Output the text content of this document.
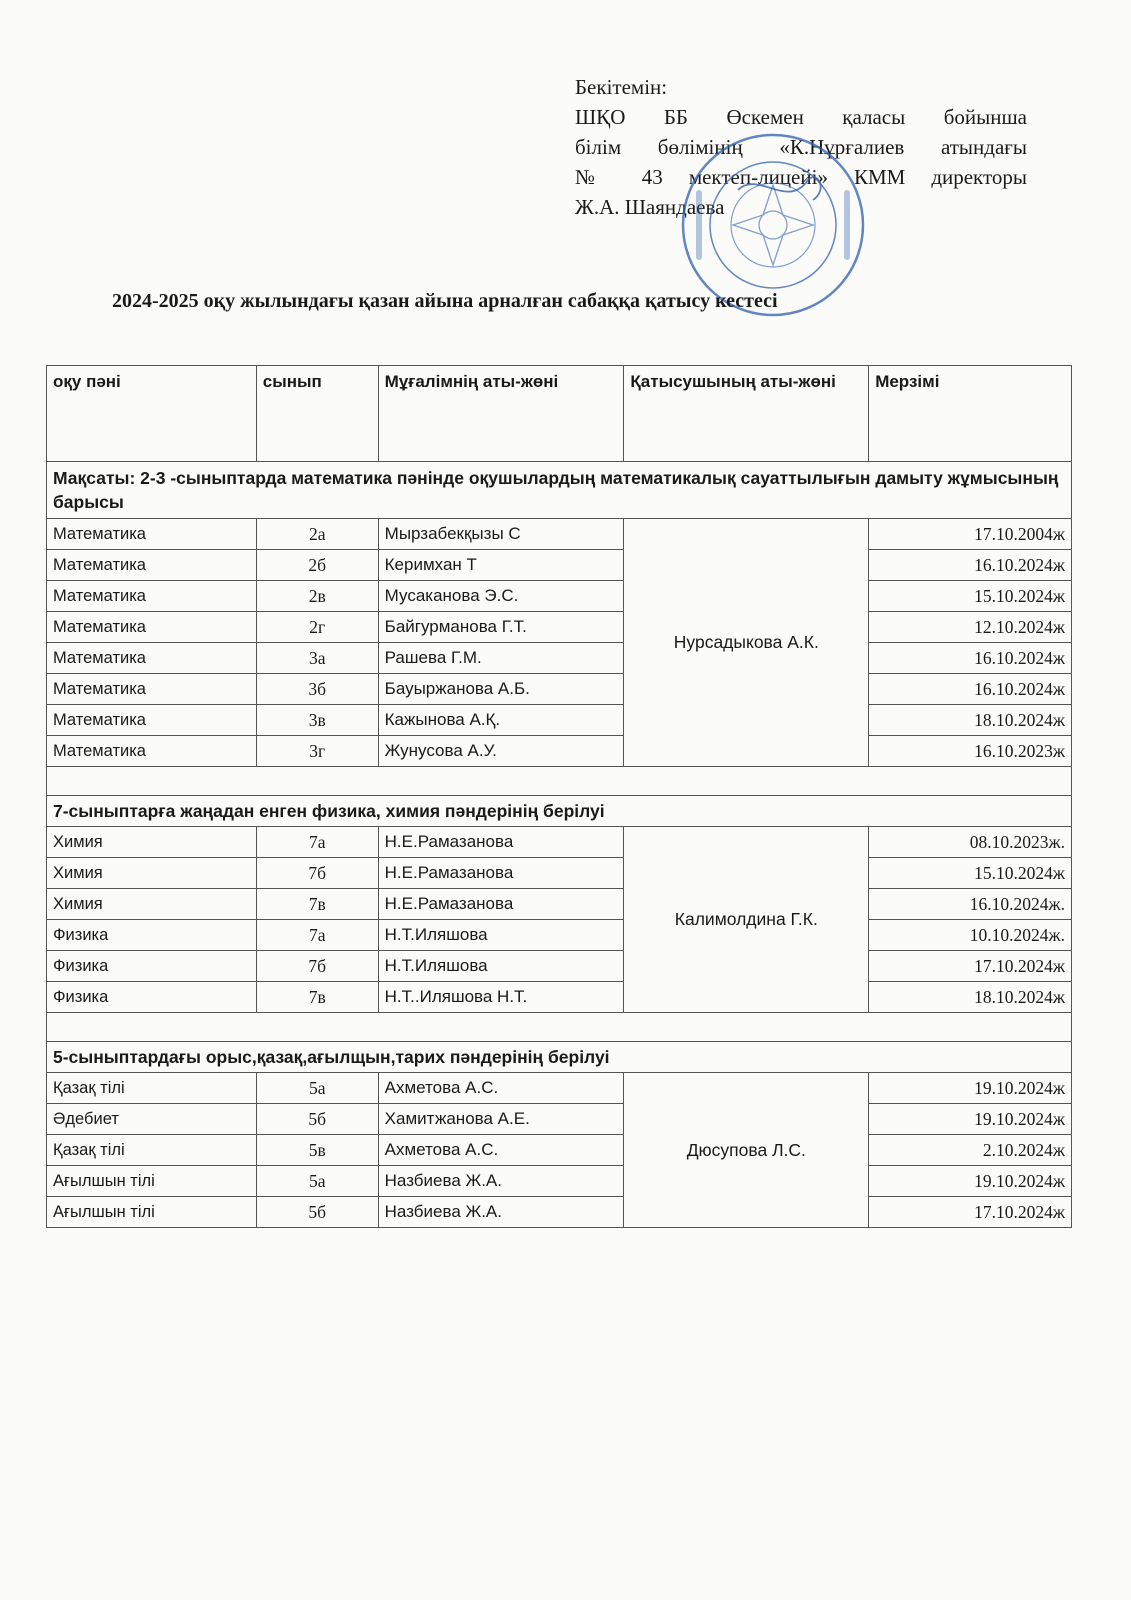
Бекітемін:
ШҚО ББ Өскемен қаласы бойынша
білім бөлімінің «К.Нұрғалиев атындағы
№ 43 мектеп-лицейі» КММ директоры
Ж.А. Шаяндаева
2024-2025 оқу жылындағы қазан айына арналған сабаққа қатысу кестесі
оқу пәні	сынып	Мұғалімнің аты-жөні	Қатысушының аты-жөні	Мерзімі
Мақсаты: 2-3 -сыныптарда математика пәнінде оқушылардың математикалық сауаттылығын дамыту жұмысының барысы				
Математика	2а	Мырзабекқызы С	Нурсадыкова А.К.	17.10.2004ж
Математика	2б	Керимхан Т		16.10.2024ж
Математика	2в	Мусаканова Э.С.		15.10.2024ж
Математика	2г	Байгурманова Г.Т.		12.10.2024ж
Математика	3а	Рашева Г.М.		16.10.2024ж
Математика	3б	Бауыржанова А.Б.		16.10.2024ж
Математика	3в	Кажынова А.Қ.		18.10.2024ж
Математика	3г	Жунусова А.У.		16.10.2023ж

7-сыныптарға жаңадан енген физика, химия пәндерінің берілуі				
Химия	7а	Н.Е.Рамазанова	Калимолдина Г.К.	08.10.2023ж.
Химия	7б	Н.Е.Рамазанова		15.10.2024ж
Химия	7в	Н.Е.Рамазанова		16.10.2024ж.
Физика	7а	Н.Т.Иляшова		10.10.2024ж.
Физика	7б	Н.Т.Иляшова		17.10.2024ж
Физика	7в	Н.Т..Иляшова Н.Т.		18.10.2024ж

5-сыныптардағы орыс,қазақ,ағылщын,тарих пәндерінің берілуі				
Қазақ тілі	5а	Ахметова А.С.	Дюсупова Л.С.	19.10.2024ж
Әдебиет	5б	Хамитжанова А.Е.		19.10.2024ж
Қазақ тілі	5в	Ахметова А.С.		2.10.2024ж
Ағылшын тілі	5а	Назбиева Ж.А.		19.10.2024ж
Ағылшын тілі	5б	Назбиева Ж.А.		17.10.2024ж
